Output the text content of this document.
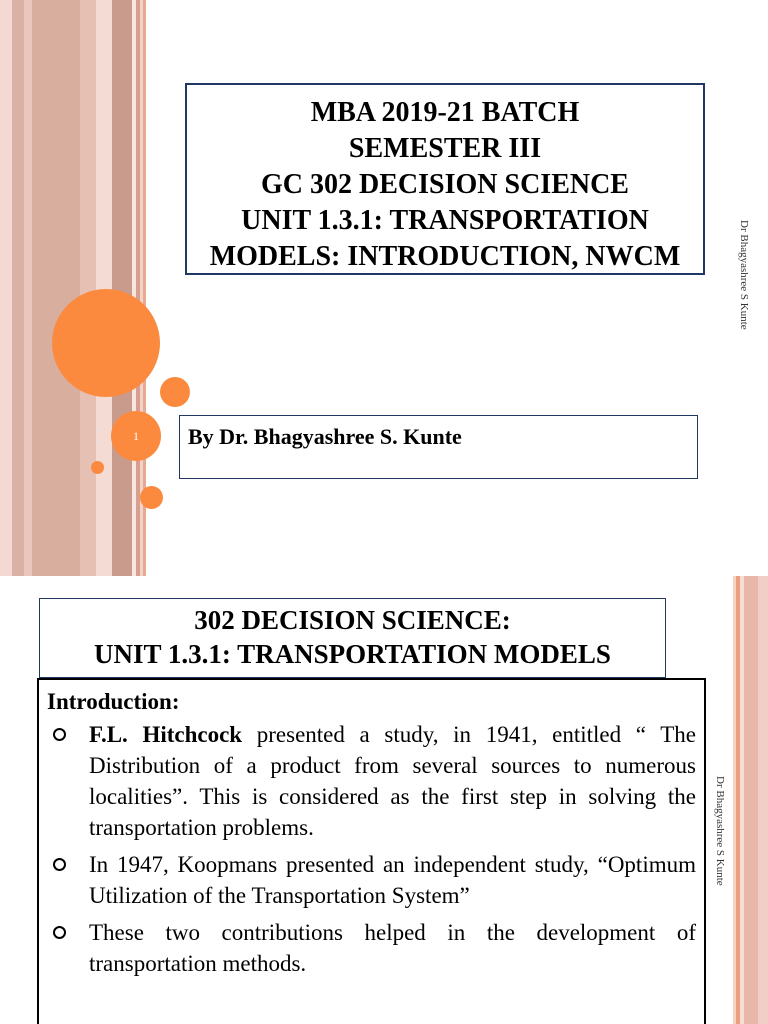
1
MBA 2019-21 BATCH
SEMESTER III
GC 302 DECISION SCIENCE
UNIT 1.3.1: TRANSPORTATION
MODELS: INTRODUCTION, NWCM
By Dr. Bhagyashree S. Kunte
Dr Bhagyashree S Kunte
302 DECISION SCIENCE:
UNIT 1.3.1: TRANSPORTATION MODELS
Introduction:
F.L. Hitchcock presented a study, in 1941, entitled “ The Distribution of a product from several sources to numerous localities”. This is considered as the first step in solving the transportation problems.
In 1947, Koopmans presented an independent study, “Optimum Utilization of the Transportation System”
These two contributions helped in the development of transportation methods.
Dr Bhagyashree S Kunte
